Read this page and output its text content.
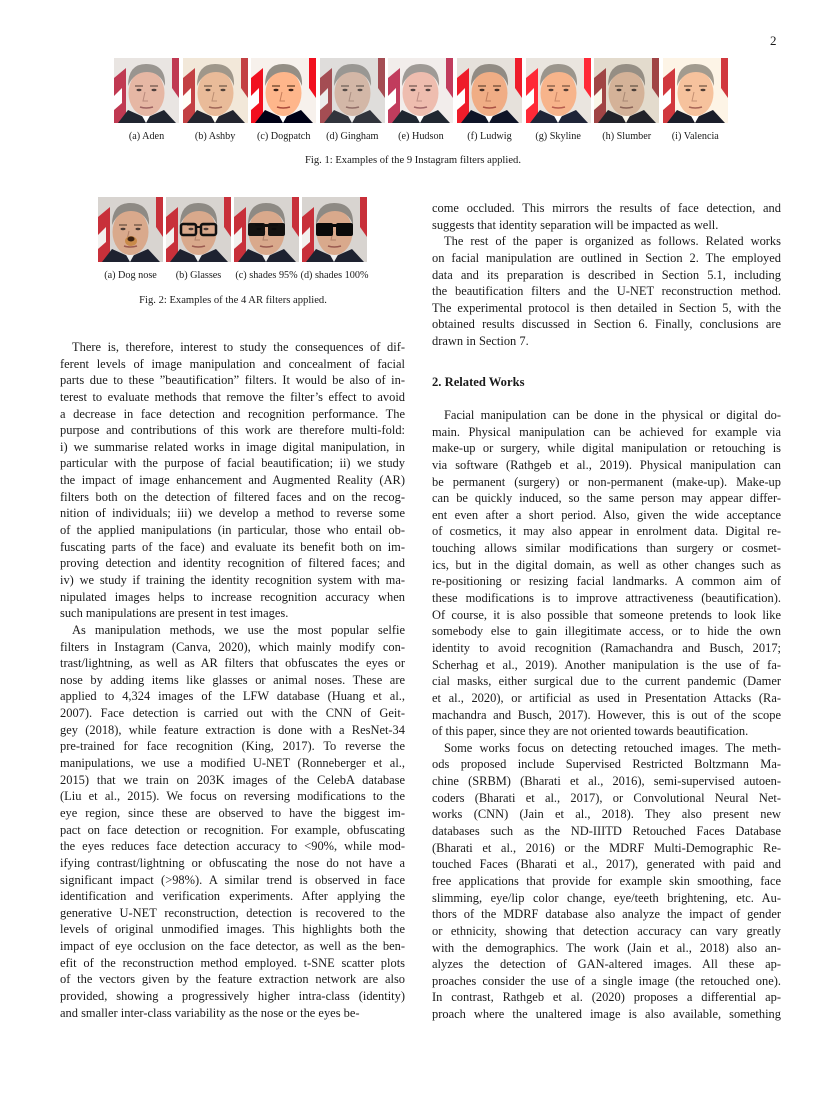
2
(a) Aden	(b) Ashby (c) Dogpatch (d) Gingham (e) Hudson (f) Ludwig (g) Skyline (h) Slumber (i) Valencia
Fig. 1: Examples of the 9 Instagram filters applied.
(a) Dog nose (b) Glasses (c) shades 95% (d) shades 100%
Fig. 2: Examples of the 4 AR filters applied.
There is, therefore, interest to study the consequences of dif-
ferent levels of image manipulation and concealment of facial
parts due to these ”beautification” filters. It would be also of in-
terest to evaluate methods that remove the filter’s effect to avoid
a decrease in face detection and recognition performance. The
purpose and contributions of this work are therefore multi-fold:
i) we summarise related works in image digital manipulation, in
particular with the purpose of facial beautification; ii) we study
the impact of image enhancement and Augmented Reality (AR)
filters both on the detection of filtered faces and on the recog-
nition of individuals; iii) we develop a method to reverse some
of the applied manipulations (in particular, those who entail ob-
fuscating parts of the face) and evaluate its benefit both on im-
proving detection and identity recognition of filtered faces; and
iv) we study if training the identity recognition system with ma-
nipulated images helps to increase recognition accuracy when
such manipulations are present in test images.
As manipulation methods, we use the most popular selfie
filters in Instagram (Canva, 2020), which mainly modify con-
trast/lightning, as well as AR filters that obfuscates the eyes or
nose by adding items like glasses or animal noses. These are
applied to 4,324 images of the LFW database (Huang et al.,
2007). Face detection is carried out with the CNN of Geit-
gey (2018), while feature extraction is done with a ResNet-34
pre-trained for face recognition (King, 2017). To reverse the
manipulations, we use a modified U-NET (Ronneberger et al.,
2015) that we train on 203K images of the CelebA database
(Liu et al., 2015). We focus on reversing modifications to the
eye region, since these are observed to have the biggest im-
pact on face detection or recognition. For example, obfuscating
the eyes reduces face detection accuracy to <90%, while mod-
ifying contrast/lightning or obfuscating the nose do not have a
significant impact (>98%). A similar trend is observed in face
identification and verification experiments. After applying the
generative U-NET reconstruction, detection is recovered to the
levels of original unmodified images. This highlights both the
impact of eye occlusion on the face detector, as well as the ben-
efit of the reconstruction method employed. t-SNE scatter plots
of the vectors given by the feature extraction network are also
provided, showing a progressively higher intra-class (identity)
and smaller inter-class variability as the nose or the eyes be-
come occluded. This mirrors the results of face detection, and
suggests that identity separation will be impacted as well.
The rest of the paper is organized as follows. Related works
on facial manipulation are outlined in Section 2. The employed
data and its preparation is described in Section 5.1, including
the beautification filters and the U-NET reconstruction method.
The experimental protocol is then detailed in Section 5, with the
obtained results discussed in Section 6. Finally, conclusions are
drawn in Section 7.
2. Related Works
Facial manipulation can be done in the physical or digital do-
main. Physical manipulation can be achieved for example via
make-up or surgery, while digital manipulation or retouching is
via software (Rathgeb et al., 2019). Physical manipulation can
be permanent (surgery) or non-permanent (make-up). Make-up
can be quickly induced, so the same person may appear differ-
ent even after a short period. Also, given the wide acceptance
of cosmetics, it may also appear in enrolment data. Digital re-
touching allows similar modifications than surgery or cosmet-
ics, but in the digital domain, as well as other changes such as
re-positioning or resizing facial landmarks. A common aim of
these modifications is to improve attractiveness (beautification).
Of course, it is also possible that someone pretends to look like
somebody else to gain illegitimate access, or to hide the own
identity to avoid recognition (Ramachandra and Busch, 2017;
Scherhag et al., 2019). Another manipulation is the use of fa-
cial masks, either surgical due to the current pandemic (Damer
et al., 2020), or artificial as used in Presentation Attacks (Ra-
machandra and Busch, 2017). However, this is out of the scope
of this paper, since they are not oriented towards beautification.
Some works focus on detecting retouched images. The meth-
ods proposed include Supervised Restricted Boltzmann Ma-
chine (SRBM) (Bharati et al., 2016), semi-supervised autoen-
coders (Bharati et al., 2017), or Convolutional Neural Net-
works (CNN) (Jain et al., 2018). They also present new
databases such as the ND-IIITD Retouched Faces Database
(Bharati et al., 2016) or the MDRF Multi-Demographic Re-
touched Faces (Bharati et al., 2017), generated with paid and
free applications that provide for example skin smoothing, face
slimming, eye/lip color change, eye/teeth brightening, etc. Au-
thors of the MDRF database also analyze the impact of gender
or ethnicity, showing that detection accuracy can vary greatly
with the demographics. The work (Jain et al., 2018) also an-
alyzes the detection of GAN-altered images. All these ap-
proaches consider the use of a single image (the retouched one).
In contrast, Rathgeb et al. (2020) proposes a differential ap-
proach where the unaltered image is also available, something
